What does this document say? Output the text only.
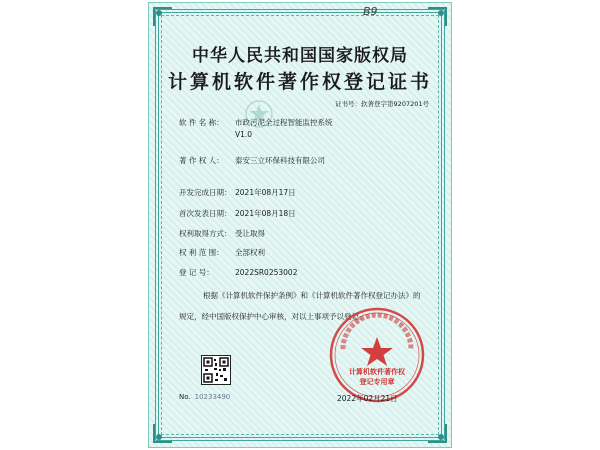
B9
中华人民共和国国家版权局
计算机软件著作权登记证书
证书号：软著登字第9207201号
软 件 名 称： 市政污泥全过程智能监控系统
V1.0
著 作 权 人： 泰安三立环保科技有限公司
开发完成日期： 2021年08月17日
首次发表日期： 2021年08月18日
权利取得方式： 受让取得
权 利 范 围： 全部权利
登 记 号：	2022SR0253002
根据《计算机软件保护条例》和《计算机软件著作权登记办法》的
规定，经中国版权保护中心审核，对以上事项予以登记。
No. 10233490
计算机软件著作权
登记专用章
2022年02月21日
